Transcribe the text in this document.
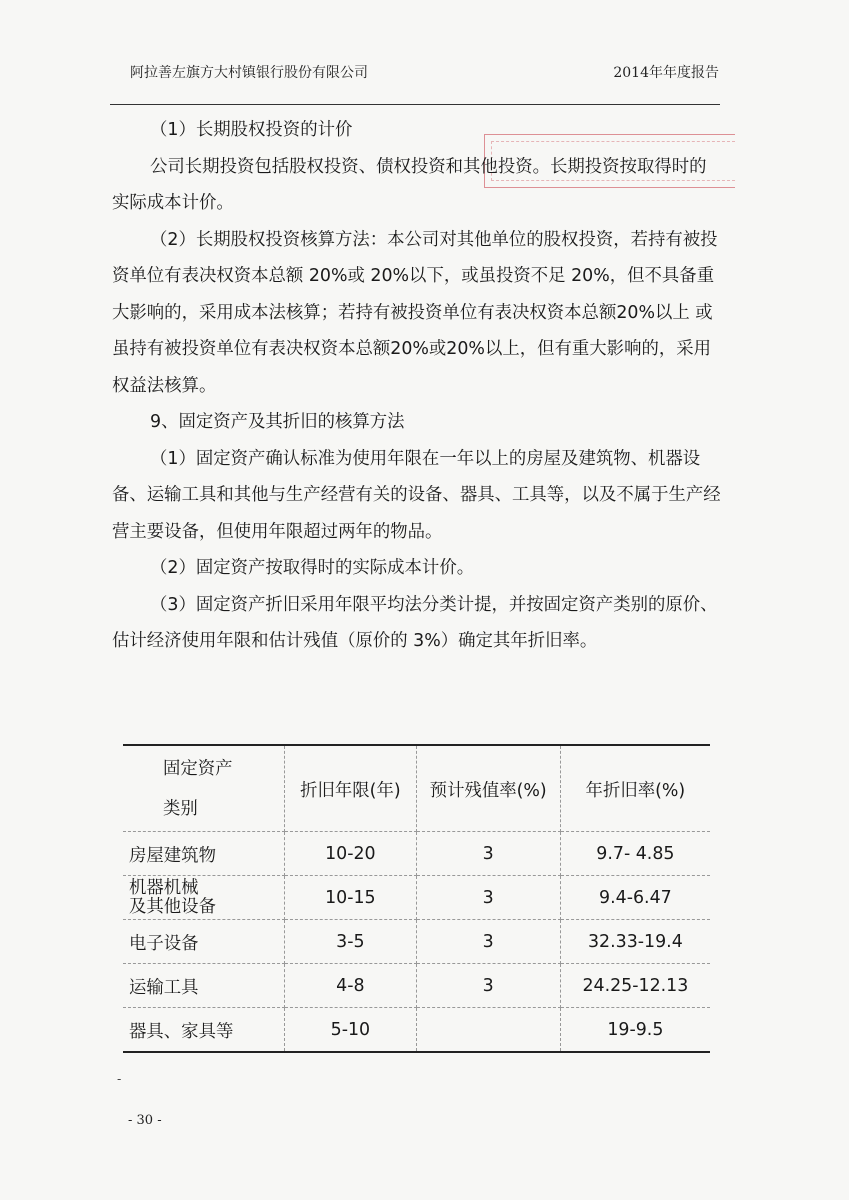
阿拉善左旗方大村镇银行股份有限公司	2014年年度报告

（1）长期股权投资的计价

公司长期投资包括股权投资、债权投资和其他投资。长期投资按取得时的实际成本计价。

（2）长期股权投资核算方法：本公司对其他单位的股权投资，若持有被投资单位有表决权资本总额 20%或 20%以下，或虽投资不足 20%，但不具备重大影响的，采用成本法核算；若持有被投资单位有表决权资本总额20%以上 或虽持有被投资单位有表决权资本总额20%或20%以上，但有重大影响的，采用权益法核算。

9、固定资产及其折旧的核算方法

（1）固定资产确认标准为使用年限在一年以上的房屋及建筑物、机器设备、运输工具和其他与生产经营有关的设备、器具、工具等，以及不属于生产经营主要设备，但使用年限超过两年的物品。

（2）固定资产按取得时的实际成本计价。

（3）固定资产折旧采用年限平均法分类计提，并按固定资产类别的原价、估计经济使用年限和估计残值（原价的 3%）确定其年折旧率。

固定资产
类别	折旧年限(年)	预计残值率(%)	年折旧率(%)
房屋建筑物	10-20	3	9.7- 4.85

机器机械
及其他设备	10-15	3	9.4-6.47
电子设备	3-5	3	32.33-19.4
运输工具	4-8	3	24.25-12.13
器具、家具等	5-10		19-9.5
-
- 30 -
